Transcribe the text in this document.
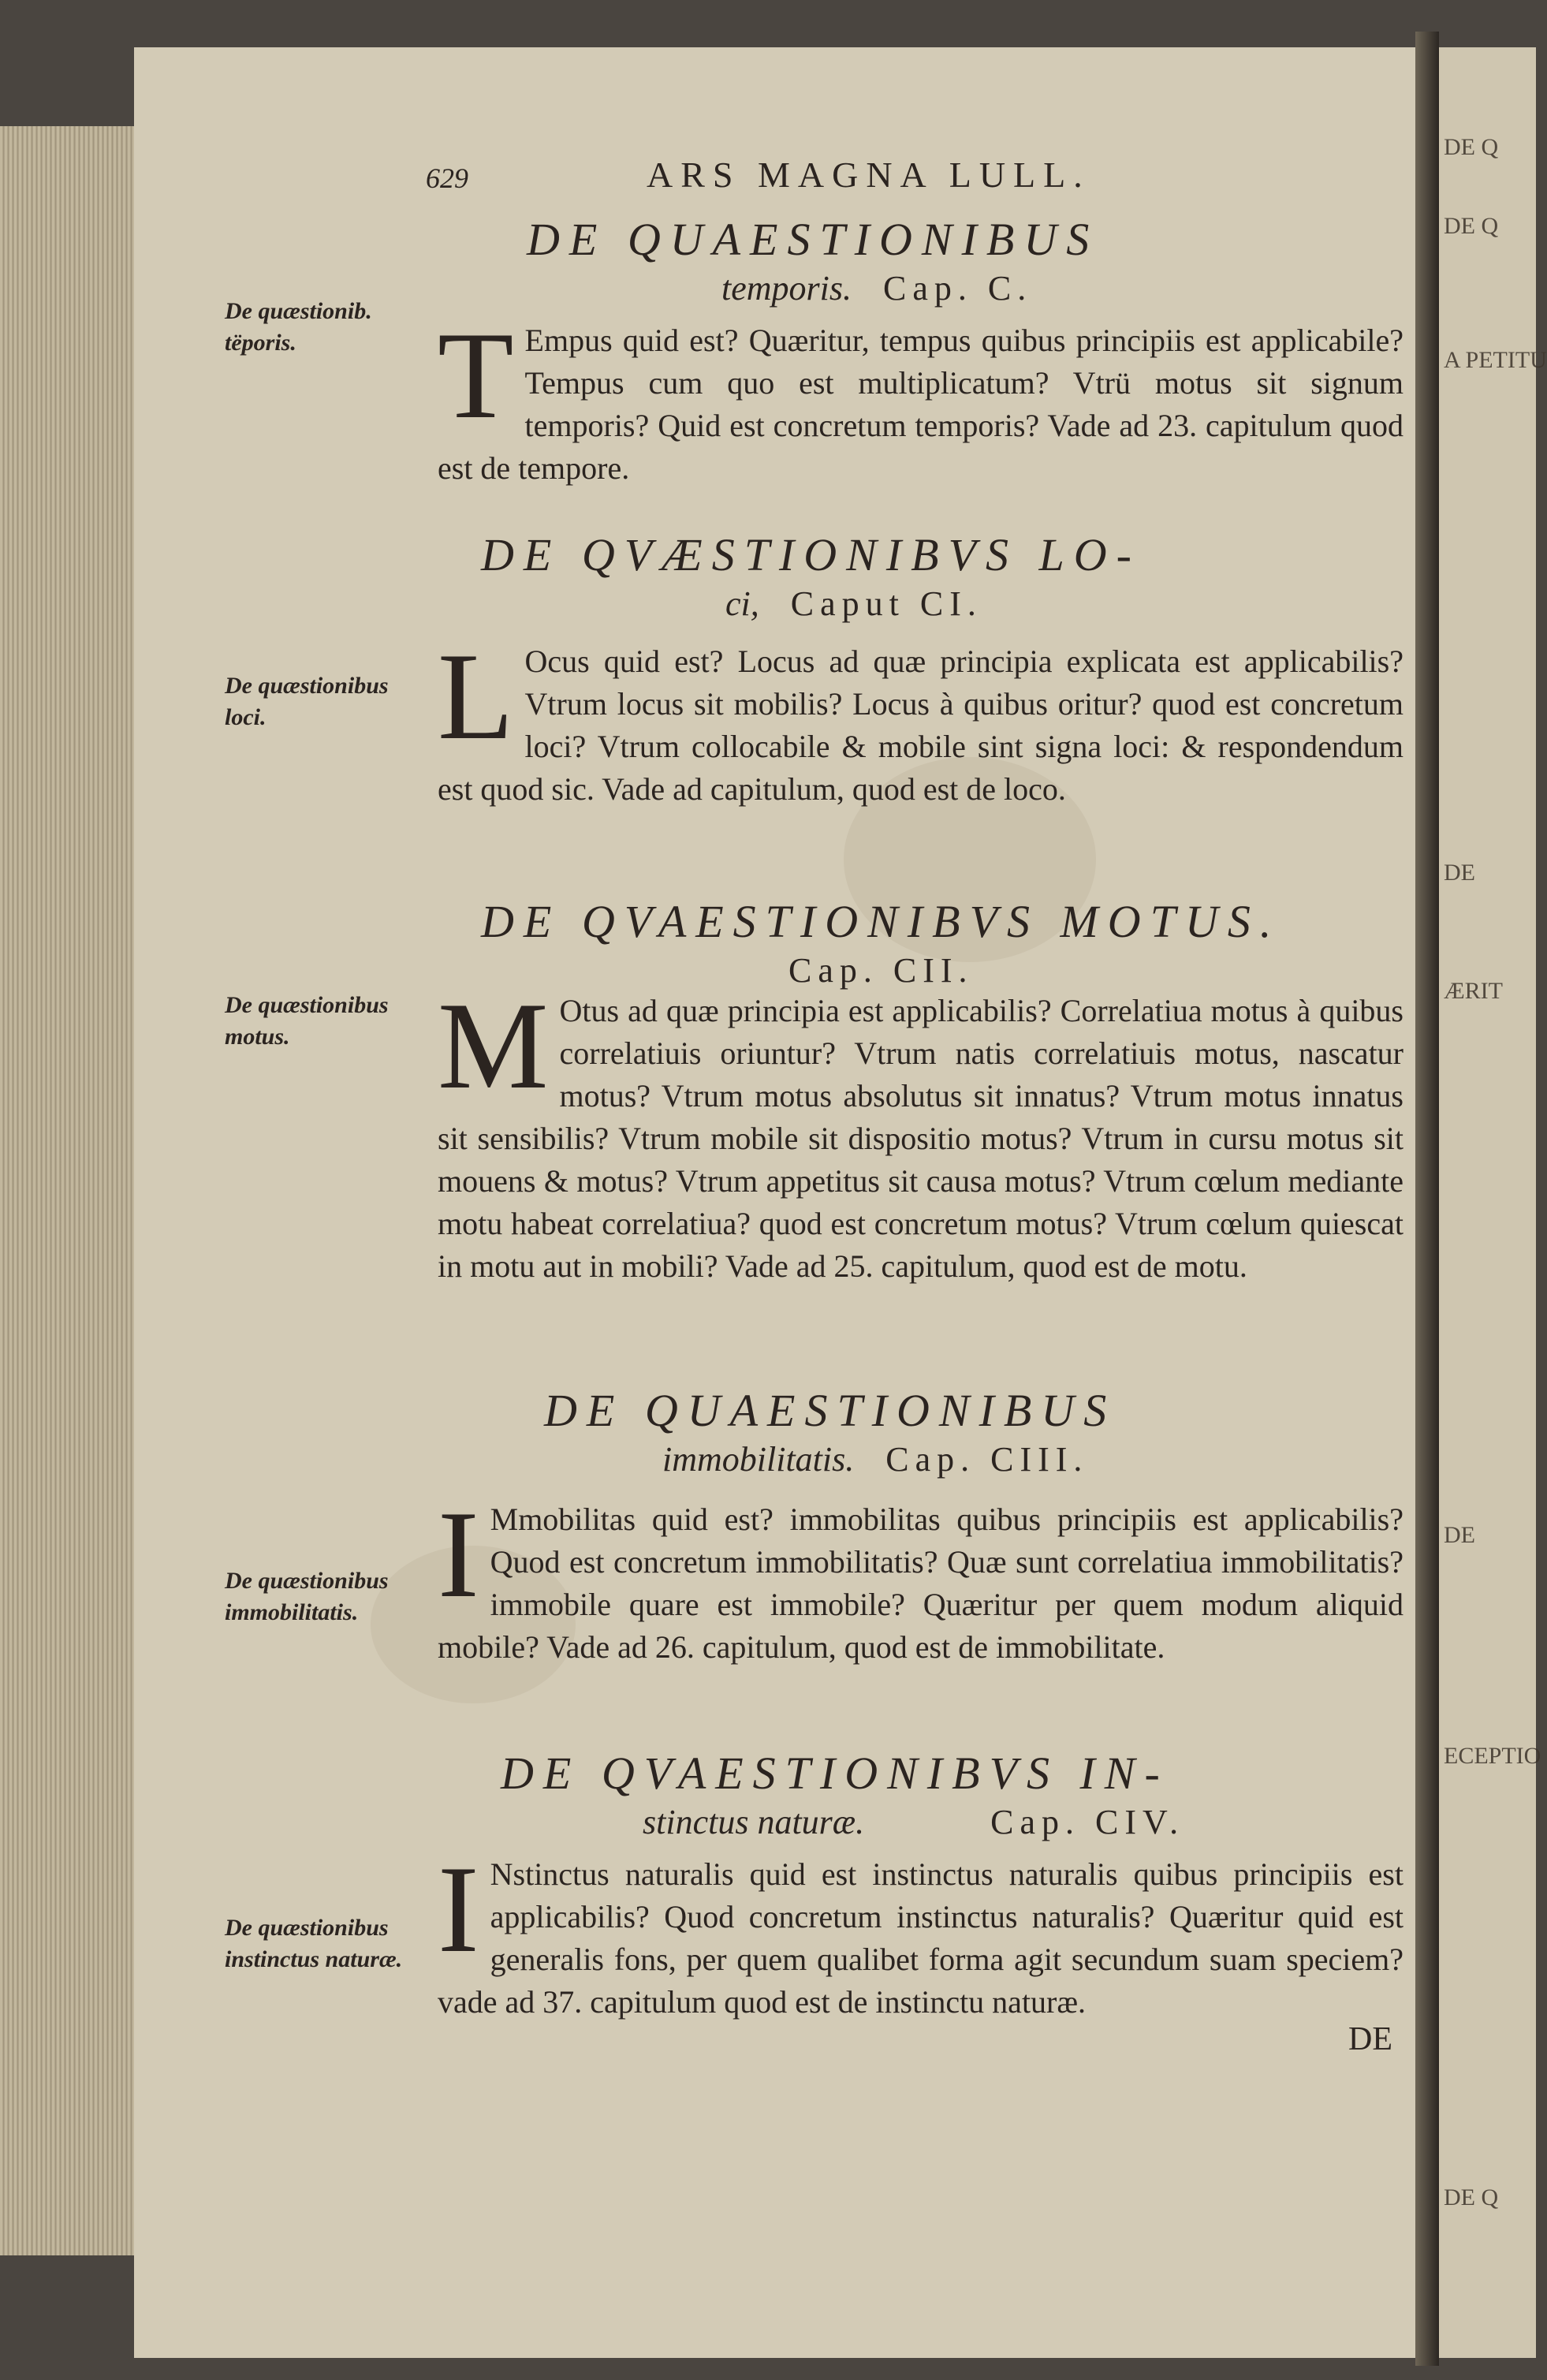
DE Q
DE Q
A PETITU
DE
ÆRIT
DE
ECEPTIO
DE Q
629	ARS MAGNA LULL.
DE QUAESTIONIBUS
temporis. Cap. C.
De quæstionib. tëporis.	T Empus quid est? Quæritur, tempus quibus principiis est applicabile? Tempus cum quo est multiplicatum? Vtrü motus sit signum temporis? Quid est concretum temporis? Vade ad 23. capitulum quod est de tempore.
DE QVÆSTIONIBVS LO-
ci, Caput CI.
De quæstionibus loci.	L Ocus quid est? Locus ad quæ principia explicata est applicabilis? Vtrum locus sit mobilis? Locus à quibus oritur? quod est concretum loci? Vtrum collocabile & mobile sint signa loci: & respondendum est quod sic. Vade ad capitulum, quod est de loco.
DE QVAESTIONIBVS MOTUS.
Cap. CII.
De quæstionibus motus.	M Otus ad quæ principia est applicabilis? Correlatiua motus à quibus correlatiuis oriuntur? Vtrum natis correlatiuis motus, nascatur motus? Vtrum motus absolutus sit innatus? Vtrum motus innatus sit sensibilis? Vtrum mobile sit dispositio motus? Vtrum in cursu motus sit mouens & motus? Vtrum appetitus sit causa motus? Vtrum cœlum mediante motu habeat correlatiua? quod est concretum motus? Vtrum cœlum quiescat in motu aut in mobili? Vade ad 25. capitulum, quod est de motu.
DE QUAESTIONIBUS
immobilitatis. Cap. CIII.
De quæstionibus immobilitatis. I Mmobilitas quid est? immobilitas quibus principiis est applicabilis? Quod est concretum immobilitatis? Quæ sunt correlatiua immobilitatis? immobile quare est immobile? Quæritur per quem modum aliquid mobile? Vade ad 26. capitulum, quod est de immobilitate.
DE QVAESTIONIBVS IN-
stinctus naturæ.	Cap. CIV.
De quæstionibus instinctus naturæ. I Nstinctus naturalis quid est instinctus naturalis quibus principiis est applicabilis? Quod concretum instinctus naturalis? Quæritur quid est generalis fons, per quem qualibet forma agit secundum suam speciem? vade ad 37. capitulum quod est de instinctu naturæ.
DE
